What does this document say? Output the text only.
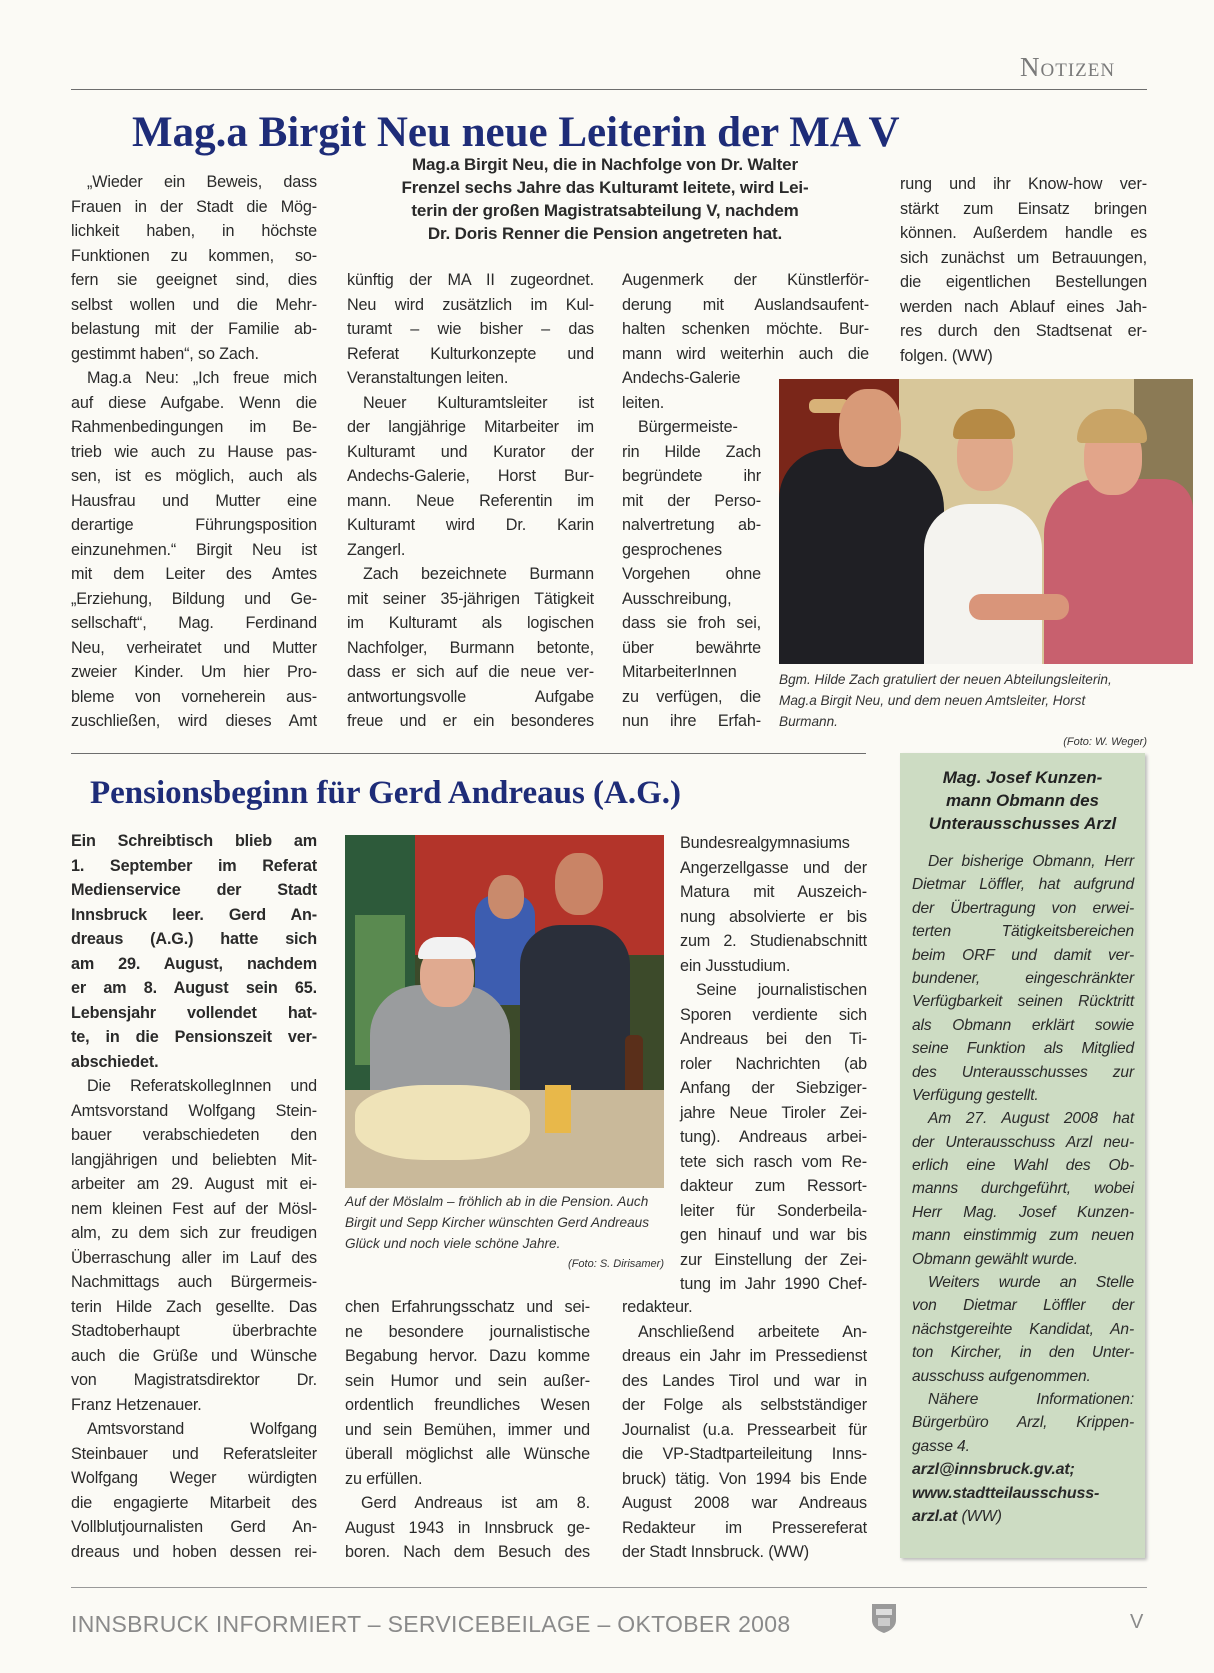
Notizen
Mag.a Birgit Neu neue Leiterin der MA V
Mag.a Birgit Neu, die in Nachfolge von Dr. Walter
Frenzel sechs Jahre das Kulturamt leitete, wird Lei-
terin der großen Magistratsabteilung V, nachdem
Dr. Doris Renner die Pension angetreten hat.
„Wieder ein Beweis, dass
Frauen in der Stadt die Mög-
lichkeit haben, in höchste
Funktionen zu kommen, so-
fern sie geeignet sind, dies
selbst wollen und die Mehr-
belastung mit der Familie ab-
gestimmt haben“, so Zach.
Mag.a Neu: „Ich freue mich
auf diese Aufgabe. Wenn die
Rahmenbedingungen im Be-
trieb wie auch zu Hause pas-
sen, ist es möglich, auch als
Hausfrau und Mutter eine
derartige Führungsposition
einzunehmen.“ Birgit Neu ist
mit dem Leiter des Amtes
„Erziehung, Bildung und Ge-
sellschaft“, Mag. Ferdinand
Neu, verheiratet und Mutter
zweier Kinder. Um hier Pro-
bleme von vorneherein aus-
zuschließen, wird dieses Amt
künftig der MA II zugeordnet.
Neu wird zusätzlich im Kul-
turamt – wie bisher – das
Referat Kulturkonzepte und
Veranstaltungen leiten.
Neuer Kulturamtsleiter ist
der langjährige Mitarbeiter im
Kulturamt und Kurator der
Andechs-Galerie, Horst Bur-
mann. Neue Referentin im
Kulturamt wird Dr. Karin
Zangerl.
Zach bezeichnete Burmann
mit seiner 35-jährigen Tätigkeit
im Kulturamt als logischen
Nachfolger, Burmann betonte,
dass er sich auf die neue ver-
antwortungsvolle Aufgabe
freue und er ein besonderes
Augenmerk der Künstlerför-
derung mit Auslandsaufent-
halten schenken möchte. Bur-
mann wird weiterhin auch die
Andechs-Galerie
leiten.
Bürgermeiste-
rin Hilde Zach
begründete ihr
mit der Perso-
nalvertretung ab-
gesprochenes
Vorgehen ohne
Ausschreibung,
dass sie froh sei,
über bewährte
MitarbeiterInnen
zu verfügen, die
nun ihre Erfah-
rung und ihr Know-how ver-
stärkt zum Einsatz bringen
können. Außerdem handle es
sich zunächst um Betrauungen,
die eigentlichen Bestellungen
werden nach Ablauf eines Jah-
res durch den Stadtsenat er-
folgen. (WW)
Bgm. Hilde Zach gratuliert der neuen Abteilungsleiterin, Mag.a Birgit Neu, und dem neuen Amtsleiter, Horst Burmann.
(Foto: W. Weger)
Pensionsbeginn für Gerd Andreaus (A.G.)
Ein Schreibtisch blieb am
1. September im Referat
Medienservice der Stadt
Innsbruck leer. Gerd An-
dreaus (A.G.) hatte sich
am 29. August, nachdem
er am 8. August sein 65.
Lebensjahr vollendet hat-
te, in die Pensionszeit ver-
abschiedet.
Die ReferatskollegInnen und
Amtsvorstand Wolfgang Stein-
bauer verabschiedeten den
langjährigen und beliebten Mit-
arbeiter am 29. August mit ei-
nem kleinen Fest auf der Mösl-
alm, zu dem sich zur freudigen
Überraschung aller im Lauf des
Nachmittags auch Bürgermeis-
terin Hilde Zach gesellte. Das
Stadtoberhaupt überbrachte
auch die Grüße und Wünsche
von Magistratsdirektor Dr.
Franz Hetzenauer.
Amtsvorstand Wolfgang
Steinbauer und Referatsleiter
Wolfgang Weger würdigten
die engagierte Mitarbeit des
Vollblutjournalisten Gerd An-
dreaus und hoben dessen rei-
chen Erfahrungsschatz und sei-
ne besondere journalistische
Begabung hervor. Dazu komme
sein Humor und sein außer-
ordentlich freundliches Wesen
und sein Bemühen, immer und
überall möglichst alle Wünsche
zu erfüllen.
Gerd Andreaus ist am 8.
August 1943 in Innsbruck ge-
boren. Nach dem Besuch des
Bundesrealgymnasiums
Angerzellgasse und der
Matura mit Auszeich-
nung absolvierte er bis
zum 2. Studienabschnitt
ein Jusstudium.
Seine journalistischen
Sporen verdiente sich
Andreaus bei den Ti-
roler Nachrichten (ab
Anfang der Siebziger-
jahre Neue Tiroler Zei-
tung). Andreaus arbei-
tete sich rasch vom Re-
dakteur zum Ressort-
leiter für Sonderbeila-
gen hinauf und war bis
zur Einstellung der Zei-
tung im Jahr 1990 Chef-
redakteur.
Anschließend arbeitete An-
dreaus ein Jahr im Pressedienst
des Landes Tirol und war in
der Folge als selbstständiger
Journalist (u.a. Pressearbeit für
die VP-Stadtparteileitung Inns-
bruck) tätig. Von 1994 bis Ende
August 2008 war Andreaus
Redakteur im Pressereferat
der Stadt Innsbruck. (WW)
Auf der Möslalm – fröhlich ab in die Pension. Auch Birgit und Sepp Kircher wünschten Gerd Andreaus Glück und noch viele schöne Jahre.
(Foto: S. Dirisamer)
Mag. Josef Kunzen-
mann Obmann des
Unterausschusses Arzl
Der bisherige Obmann, Herr
Dietmar Löffler, hat aufgrund
der Übertragung von erwei-
terten Tätigkeitsbereichen
beim ORF und damit ver-
bundener, eingeschränkter
Verfügbarkeit seinen Rücktritt
als Obmann erklärt sowie
seine Funktion als Mitglied
des Unterausschusses zur
Verfügung gestellt.
Am 27. August 2008 hat
der Unterausschuss Arzl neu-
erlich eine Wahl des Ob-
manns durchgeführt, wobei
Herr Mag. Josef Kunzen-
mann einstimmig zum neuen
Obmann gewählt wurde.
Weiters wurde an Stelle
von Dietmar Löffler der
nächstgereihte Kandidat, An-
ton Kircher, in den Unter-
ausschuss aufgenommen.
Nähere Informationen:
Bürgerbüro Arzl, Krippen-
gasse 4.
arzl@innsbruck.gv.at;
www.stadtteilausschuss-
arzl.at (WW)
INNSBRUCK INFORMIERT – SERVICEBEILAGE – OKTOBER 2008	V
